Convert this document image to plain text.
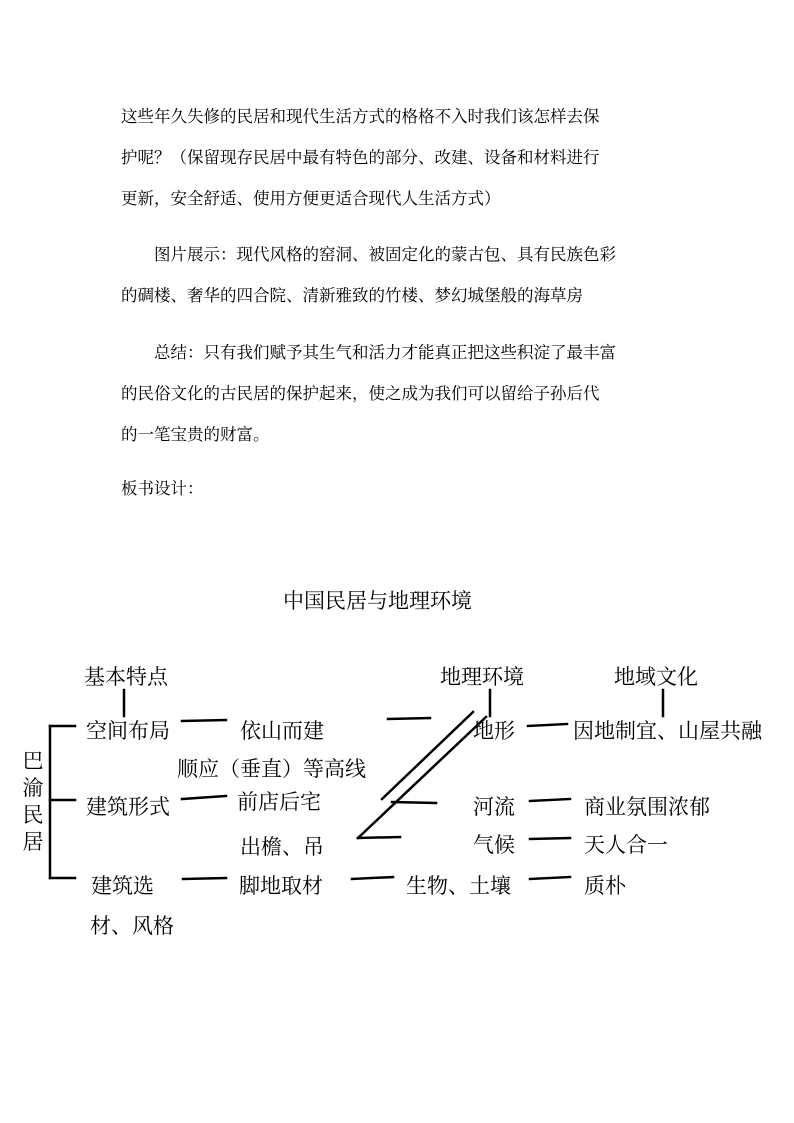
这些年久失修的民居和现代生活方式的格格不入时我们该怎样去保
护呢？（保留现存民居中最有特色的部分、改建、设备和材料进行
更新，安全舒适、使用方便更适合现代人生活方式）

　　图片展示：现代风格的窑洞、被固定化的蒙古包、具有民族色彩
的碉楼、奢华的四合院、清新雅致的竹楼、梦幻城堡般的海草房

　　总结：只有我们赋予其生气和活力才能真正把这些积淀了最丰富
的民俗文化的古民居的保护起来，使之成为我们可以留给子孙后代
的一笔宝贵的财富。

板书设计：

中国民居与地理环境
巴
渝
民
居
基本特点	地理环境	地域文化
空间布局
建筑形式
建筑选
材、风格
依山而建
顺应（垂直）等高线
前店后宅
出檐、吊
脚地取材
地形
河流
气候
生物、土壤
因地制宜、山屋共融
商业氛围浓郁
天人合一
质朴
